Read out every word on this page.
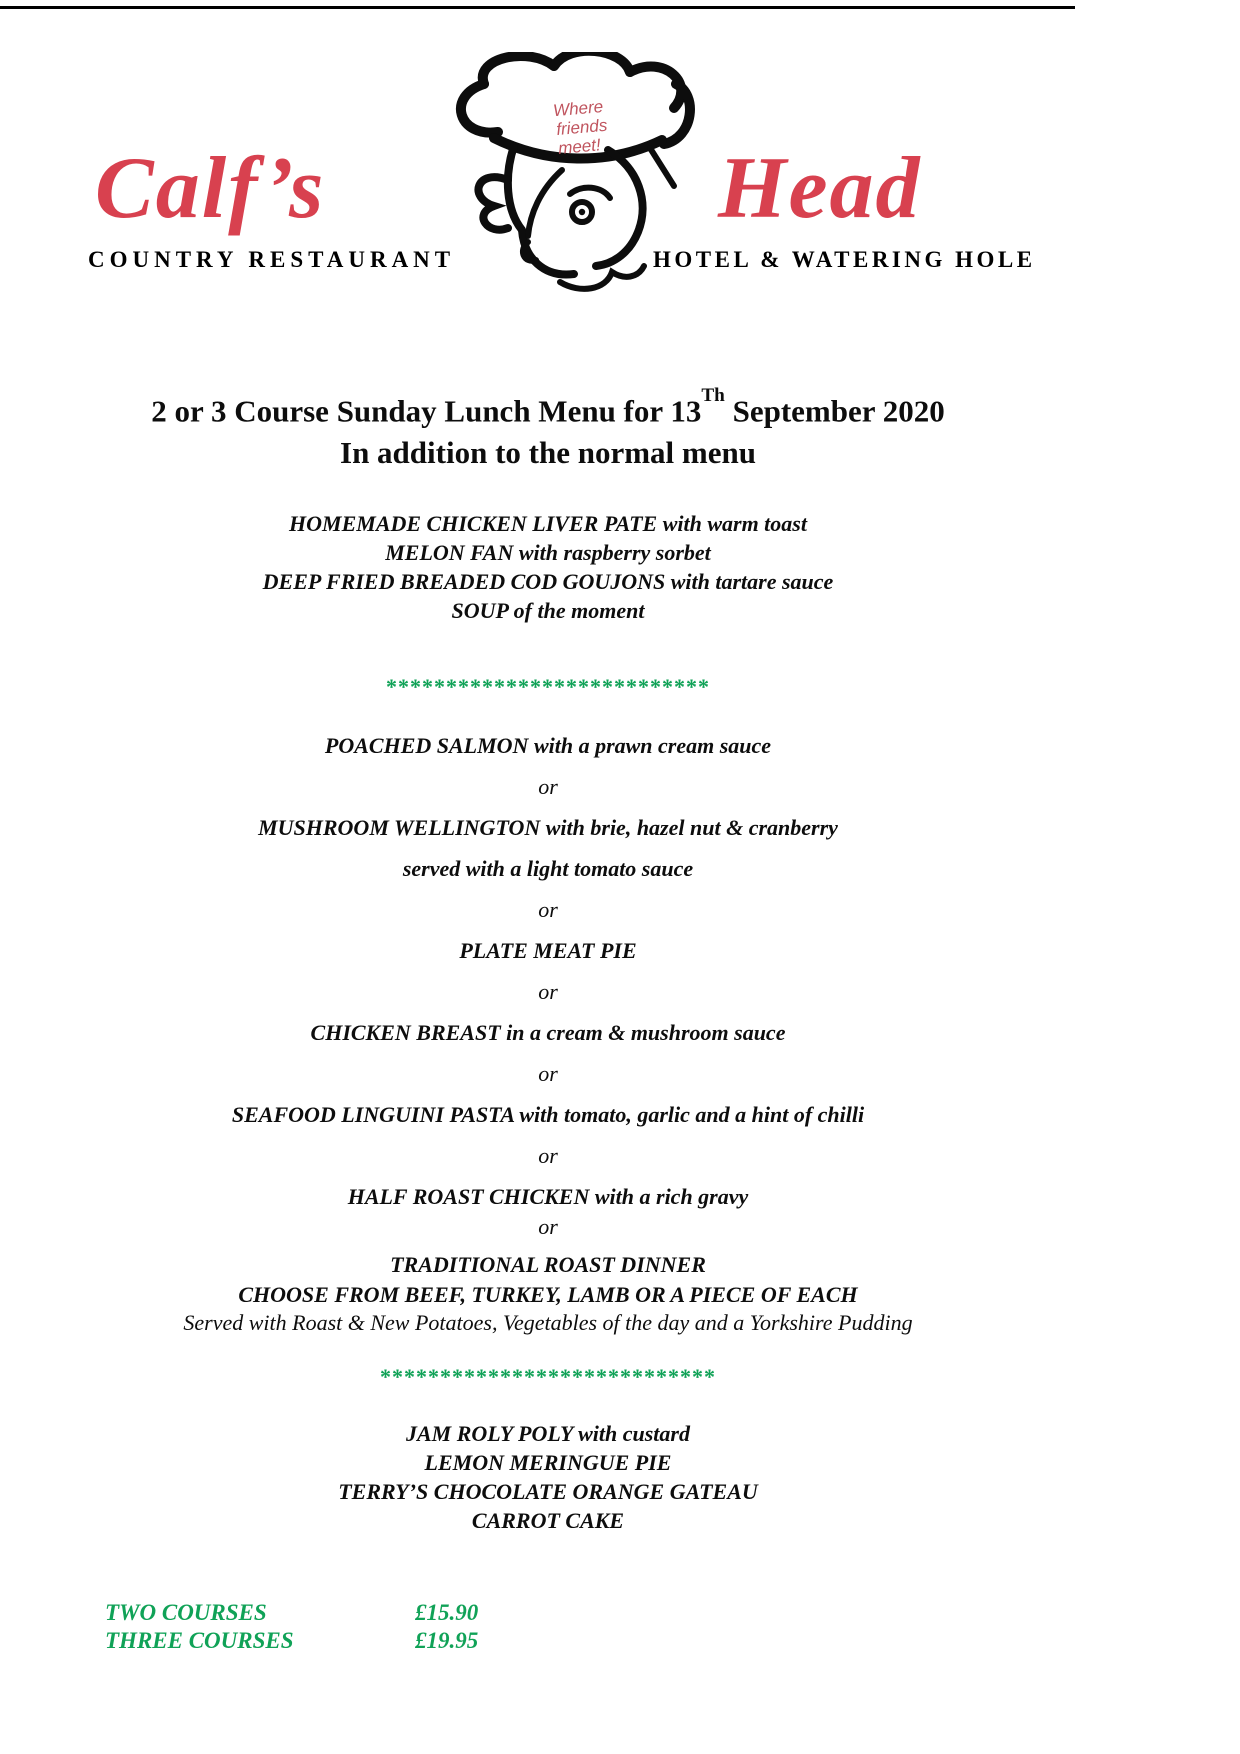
Calf’s	Head
COUNTRY RESTAURANT	HOTEL & WATERING HOLE
Where
friends
meet!
2 or 3 Course Sunday Lunch Menu for 13Th September 2020
In addition to the normal menu
HOMEMADE CHICKEN LIVER PATE with warm toast
MELON FAN with raspberry sorbet
DEEP FRIED BREADED COD GOUJONS with tartare sauce
SOUP of the moment
***************************
POACHED SALMON with a prawn cream sauce
or
MUSHROOM WELLINGTON with brie, hazel nut & cranberry
served with a light tomato sauce
or
PLATE MEAT PIE
or
CHICKEN BREAST in a cream & mushroom sauce
or
SEAFOOD LINGUINI PASTA with tomato, garlic and a hint of chilli
or
HALF ROAST CHICKEN with a rich gravy
or
TRADITIONAL ROAST DINNER
CHOOSE FROM BEEF, TURKEY, LAMB OR A PIECE OF EACH
Served with Roast & New Potatoes, Vegetables of the day and a Yorkshire Pudding
****************************
JAM ROLY POLY with custard
LEMON MERINGUE PIE
TERRY’S CHOCOLATE ORANGE GATEAU
CARROT CAKE
TWO COURSES	£15.90
THREE COURSES	£19.95
